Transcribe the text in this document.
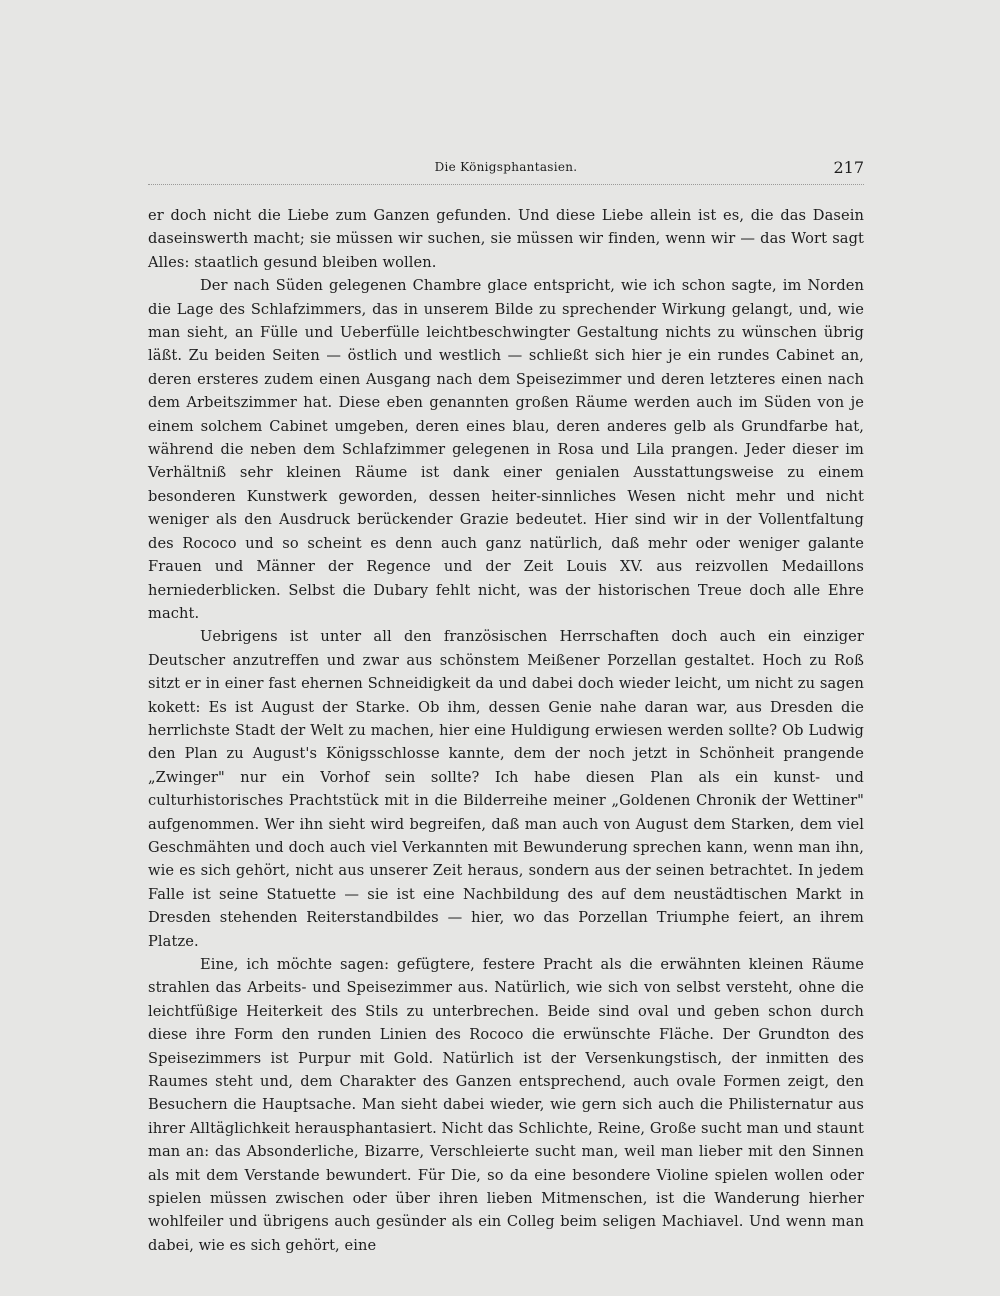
Die Königsphantasien.	217

er doch nicht die Liebe zum Ganzen gefunden. Und diese Liebe allein ist es, die das Dasein daseinswerth macht; sie müssen wir suchen, sie müssen wir finden, wenn wir — das Wort sagt Alles: staatlich gesund bleiben wollen.

Der nach Süden gelegenen Chambre glace entspricht, wie ich schon sagte, im Norden die Lage des Schlafzimmers, das in unserem Bilde zu sprechender Wirkung gelangt, und, wie man sieht, an Fülle und Ueberfülle leichtbeschwingter Gestaltung nichts zu wünschen übrig läßt. Zu beiden Seiten — östlich und westlich — schließt sich hier je ein rundes Cabinet an, deren ersteres zudem einen Ausgang nach dem Speisezimmer und deren letzteres einen nach dem Arbeitszimmer hat. Diese eben genannten großen Räume werden auch im Süden von je einem solchem Cabinet umgeben, deren eines blau, deren anderes gelb als Grundfarbe hat, während die neben dem Schlafzimmer gelegenen in Rosa und Lila prangen. Jeder dieser im Verhältniß sehr kleinen Räume ist dank einer genialen Ausstattungsweise zu einem besonderen Kunstwerk geworden, dessen heiter-sinnliches Wesen nicht mehr und nicht weniger als den Ausdruck berückender Grazie bedeutet. Hier sind wir in der Vollentfaltung des Rococo und so scheint es denn auch ganz natürlich, daß mehr oder weniger galante Frauen und Männer der Regence und der Zeit Louis XV. aus reizvollen Medaillons herniederblicken. Selbst die Dubary fehlt nicht, was der historischen Treue doch alle Ehre macht.

Uebrigens ist unter all den französischen Herrschaften doch auch ein einziger Deutscher anzutreffen und zwar aus schönstem Meißener Porzellan gestaltet. Hoch zu Roß sitzt er in einer fast ehernen Schneidigkeit da und dabei doch wieder leicht, um nicht zu sagen kokett: Es ist August der Starke. Ob ihm, dessen Genie nahe daran war, aus Dresden die herrlichste Stadt der Welt zu machen, hier eine Huldigung erwiesen werden sollte? Ob Ludwig den Plan zu August's Königsschlosse kannte, dem der noch jetzt in Schönheit prangende „Zwinger" nur ein Vorhof sein sollte? Ich habe diesen Plan als ein kunst- und culturhistorisches Prachtstück mit in die Bilderreihe meiner „Goldenen Chronik der Wettiner" aufgenommen. Wer ihn sieht wird begreifen, daß man auch von August dem Starken, dem viel Geschmähten und doch auch viel Verkannten mit Bewunderung sprechen kann, wenn man ihn, wie es sich gehört, nicht aus unserer Zeit heraus, sondern aus der seinen betrachtet. In jedem Falle ist seine Statuette — sie ist eine Nachbildung des auf dem neustädtischen Markt in Dresden stehenden Reiterstandbildes — hier, wo das Porzellan Triumphe feiert, an ihrem Platze.

Eine, ich möchte sagen: gefügtere, festere Pracht als die erwähnten kleinen Räume strahlen das Arbeits- und Speisezimmer aus. Natürlich, wie sich von selbst versteht, ohne die leichtfüßige Heiterkeit des Stils zu unterbrechen. Beide sind oval und geben schon durch diese ihre Form den runden Linien des Rococo die erwünschte Fläche. Der Grundton des Speisezimmers ist Purpur mit Gold. Natürlich ist der Versenkungstisch, der inmitten des Raumes steht und, dem Charakter des Ganzen entsprechend, auch ovale Formen zeigt, den Besuchern die Hauptsache. Man sieht dabei wieder, wie gern sich auch die Philisternatur aus ihrer Alltäglichkeit herausphantasiert. Nicht das Schlichte, Reine, Große sucht man und staunt man an: das Absonderliche, Bizarre, Verschleierte sucht man, weil man lieber mit den Sinnen als mit dem Verstande bewundert. Für Die, so da eine besondere Violine spielen wollen oder spielen müssen zwischen oder über ihren lieben Mitmenschen, ist die Wanderung hierher wohlfeiler und übrigens auch gesünder als ein Colleg beim seligen Machiavel. Und wenn man dabei, wie es sich gehört, eine
